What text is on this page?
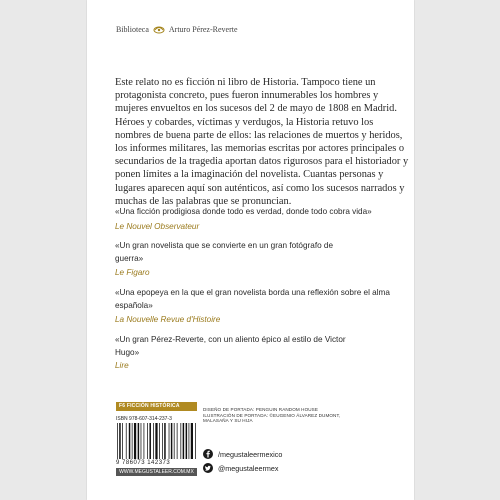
Biblioteca	Arturo Pérez-Reverte

Este relato no es ficción ni libro de Historia. Tampoco tiene un protagonista concreto, pues fueron innumerables los hombres y mujeres envueltos en los sucesos del 2 de mayo de 1808 en Madrid. Héroes y cobardes, víctimas y verdugos, la Historia retuvo los nombres de buena parte de ellos: las relaciones de muertos y heridos, los informes militares, las memorias escritas por actores principales o secundarios de la tragedia aportan datos rigurosos para el historiador y ponen límites a la imaginación del novelista. Cuantas personas y lugares aparecen aquí son auténticos, así como los sucesos narrados y muchas de las palabras que se pronuncian.

«Una ficción prodigiosa donde todo es verdad, donde todo cobra vida»

Le Nouvel Observateur

«Un gran novelista que se convierte en un gran fotógrafo de guerra»

Le Figaro

«Una epopeya en la que el gran novelista borda una reflexión sobre el alma española»

La Nouvelle Revue d'Histoire

«Un gran Pérez-Reverte, con un aliento épico al estilo de Victor Hugo»

Lire

F6 FICCIÓN HISTÓRICA
ISBN 978-607-314-237-3
9 786073 142373
WWW.MEGUSTALEER.COM.MX
DISEÑO DE PORTADA: PENGUIN RANDOM HOUSE
ILUSTRACIÓN DE PORTADA: ©EUGENIO ÁLVAREZ DUMONT,
MALASAÑA Y SU HIJA
/megustaleermexico
@megustaleermex
